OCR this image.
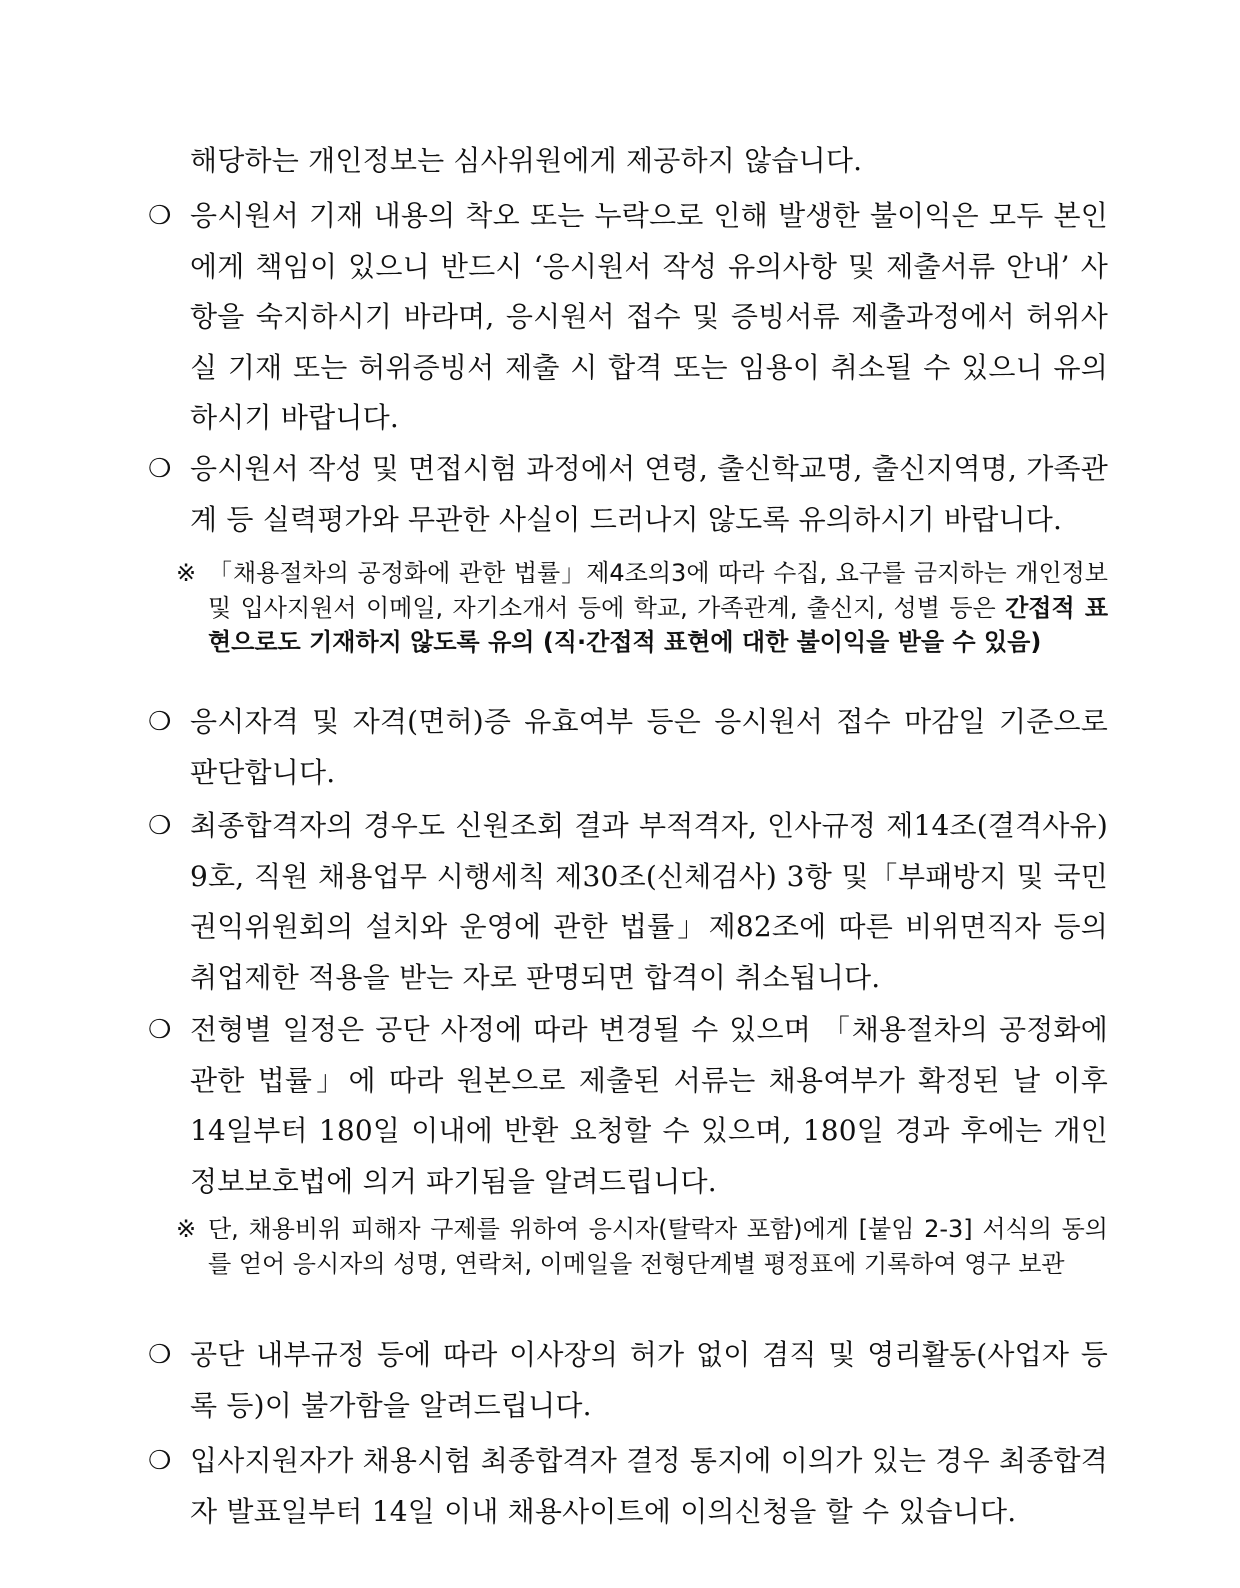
해당하는 개인정보는 심사위원에게 제공하지 않습니다.
❍ 응시원서 기재 내용의 착오 또는 누락으로 인해 발생한 불이익은 모두 본인에게 책임이 있으니 반드시 ‘응시원서 작성 유의사항 및 제출서류 안내’ 사항을 숙지하시기 바라며, 응시원서 접수 및 증빙서류 제출과정에서 허위사실 기재 또는 허위증빙서 제출 시 합격 또는 임용이 취소될 수 있으니 유의하시기 바랍니다.
❍ 응시원서 작성 및 면접시험 과정에서 연령, 출신학교명, 출신지역명, 가족관계 등 실력평가와 무관한 사실이 드러나지 않도록 유의하시기 바랍니다.
※ 「채용절차의 공정화에 관한 법률」제4조의3에 따라 수집, 요구를 금지하는 개인정보 및 입사지원서 이메일, 자기소개서 등에 학교, 가족관계, 출신지, 성별 등은 간접적 표현으로도 기재하지 않도록 유의 (직·간접적 표현에 대한 불이익을 받을 수 있음)
❍ 응시자격 및 자격(면허)증 유효여부 등은 응시원서 접수 마감일 기준으로 판단합니다.
❍ 최종합격자의 경우도 신원조회 결과 부적격자, 인사규정 제14조(결격사유) 9호, 직원 채용업무 시행세칙 제30조(신체검사) 3항 및「부패방지 및 국민권익위원회의 설치와 운영에 관한 법률」제82조에 따른 비위면직자 등의 취업제한 적용을 받는 자로 판명되면 합격이 취소됩니다.
❍ 전형별 일정은 공단 사정에 따라 변경될 수 있으며 「채용절차의 공정화에 관한 법률」에 따라 원본으로 제출된 서류는 채용여부가 확정된 날 이후 14일부터 180일 이내에 반환 요청할 수 있으며, 180일 경과 후에는 개인정보보호법에 의거 파기됨을 알려드립니다.
※ 단, 채용비위 피해자 구제를 위하여 응시자(탈락자 포함)에게 [붙임 2-3] 서식의 동의를 얻어 응시자의 성명, 연락처, 이메일을 전형단계별 평정표에 기록하여 영구 보관
❍ 공단 내부규정 등에 따라 이사장의 허가 없이 겸직 및 영리활동(사업자 등록 등)이 불가함을 알려드립니다.
❍ 입사지원자가 채용시험 최종합격자 결정 통지에 이의가 있는 경우 최종합격자 발표일부터 14일 이내 채용사이트에 이의신청을 할 수 있습니다.
